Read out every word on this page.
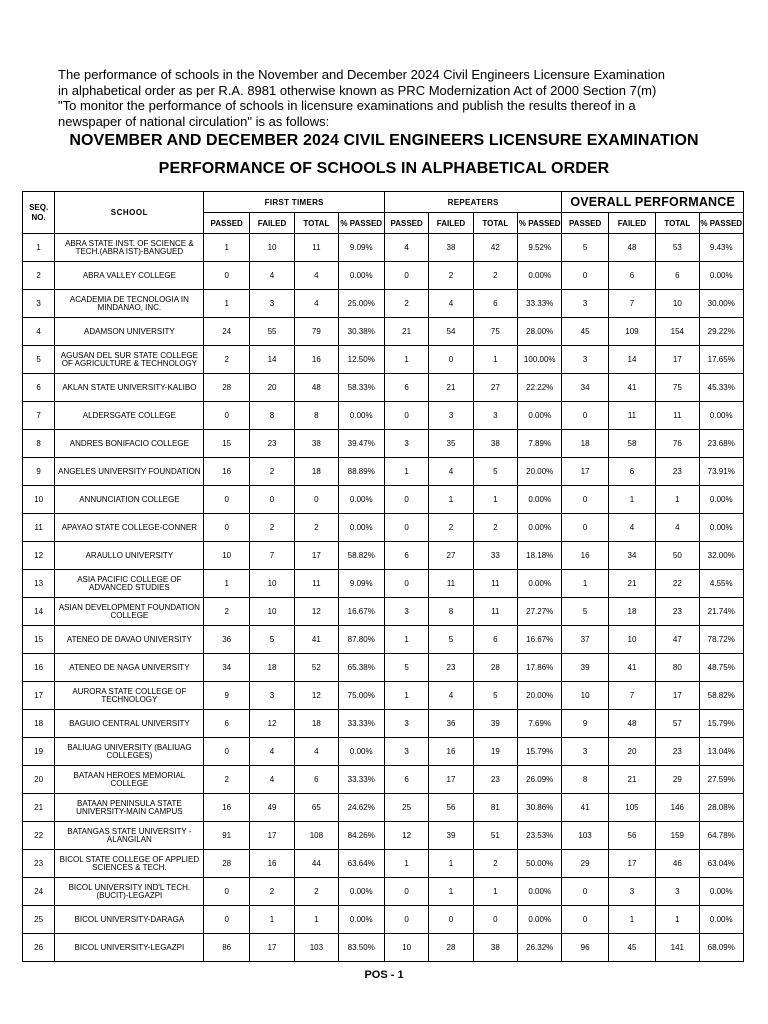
The performance of schools in the November and December 2024 Civil Engineers Licensure Examination
in alphabetical order as per R.A. 8981 otherwise known as PRC Modernization Act of 2000 Section 7(m)
"To monitor the performance of schools in licensure examinations and publish the results thereof in a
newspaper of national circulation" is as follows:
NOVEMBER AND DECEMBER 2024 CIVIL ENGINEERS LICENSURE EXAMINATION
PERFORMANCE OF SCHOOLS IN ALPHABETICAL ORDER
SEQ. NO.	SCHOOL	FIRST TIMERS				REPEATERS				OVERALL PERFORMANCE			
		PASSED	FAILED	TOTAL	% PASSED	PASSED	FAILED	TOTAL	% PASSED	PASSED	FAILED	TOTAL	% PASSED
1	ABRA STATE INST. OF SCIENCE & TECH.(ABRA IST)-BANGUED	1	10	11	9.09%	4	38	42	9.52%	5	48	53	9.43%
2	ABRA VALLEY COLLEGE	0	4	4	0.00%	0	2	2	0.00%	0	6	6	0.00%
3	ACADEMIA DE TECNOLOGIA IN MINDANAO, INC.	1	3	4	25.00%	2	4	6	33.33%	3	7	10	30.00%
4	ADAMSON UNIVERSITY	24	55	79	30.38%	21	54	75	28.00%	45	109	154	29.22%
5	AGUSAN DEL SUR STATE COLLEGE OF AGRICULTURE & TECHNOLOGY	2	14	16	12.50%	1	0	1	100.00%	3	14	17	17.65%
6	AKLAN STATE UNIVERSITY-KALIBO	28	20	48	58.33%	6	21	27	22.22%	34	41	75	45.33%
7	ALDERSGATE COLLEGE	0	8	8	0.00%	0	3	3	0.00%	0	11	11	0.00%
8	ANDRES BONIFACIO COLLEGE	15	23	38	39.47%	3	35	38	7.89%	18	58	76	23.68%
9	ANGELES UNIVERSITY FOUNDATION	16	2	18	88.89%	1	4	5	20.00%	17	6	23	73.91%
10	ANNUNCIATION COLLEGE	0	0	0	0.00%	0	1	1	0.00%	0	1	1	0.00%
11	APAYAO STATE COLLEGE-CONNER	0	2	2	0.00%	0	2	2	0.00%	0	4	4	0.00%
12	ARAULLO UNIVERSITY	10	7	17	58.82%	6	27	33	18.18%	16	34	50	32.00%
13	ASIA PACIFIC COLLEGE OF ADVANCED STUDIES	1	10	11	9.09%	0	11	11	0.00%	1	21	22	4.55%
14	ASIAN DEVELOPMENT FOUNDATION COLLEGE	2	10	12	16.67%	3	8	11	27.27%	5	18	23	21.74%
15	ATENEO DE DAVAO UNIVERSITY	36	5	41	87.80%	1	5	6	16.67%	37	10	47	78.72%
16	ATENEO DE NAGA UNIVERSITY	34	18	52	65.38%	5	23	28	17.86%	39	41	80	48.75%
17	AURORA STATE COLLEGE OF TECHNOLOGY	9	3	12	75.00%	1	4	5	20.00%	10	7	17	58.82%
18	BAGUIO CENTRAL UNIVERSITY	6	12	18	33.33%	3	36	39	7.69%	9	48	57	15.79%
19	BALIUAG UNIVERSITY (BALIUAG COLLEGES)	0	4	4	0.00%	3	16	19	15.79%	3	20	23	13.04%
20	BATAAN HEROES MEMORIAL COLLEGE	2	4	6	33.33%	6	17	23	26.09%	8	21	29	27.59%
21	BATAAN PENINSULA STATE UNIVERSITY-MAIN CAMPUS	16	49	65	24.62%	25	56	81	30.86%	41	105	146	28.08%
22	BATANGAS STATE UNIVERSITY - ALANGILAN	91	17	108	84.26%	12	39	51	23.53%	103	56	159	64.78%
23	BICOL STATE COLLEGE OF APPLIED SCIENCES & TECH.	28	16	44	63.64%	1	1	2	50.00%	29	17	46	63.04%
24	BICOL UNIVERSITY IND'L TECH.(BUCIT)-LEGAZPI	0	2	2	0.00%	0	1	1	0.00%	0	3	3	0.00%
25	BICOL UNIVERSITY-DARAGA	0	1	1	0.00%	0	0	0	0.00%	0	1	1	0.00%
26	BICOL UNIVERSITY-LEGAZPI	86	17	103	83.50%	10	28	38	26.32%	96	45	141	68.09%
POS - 1
